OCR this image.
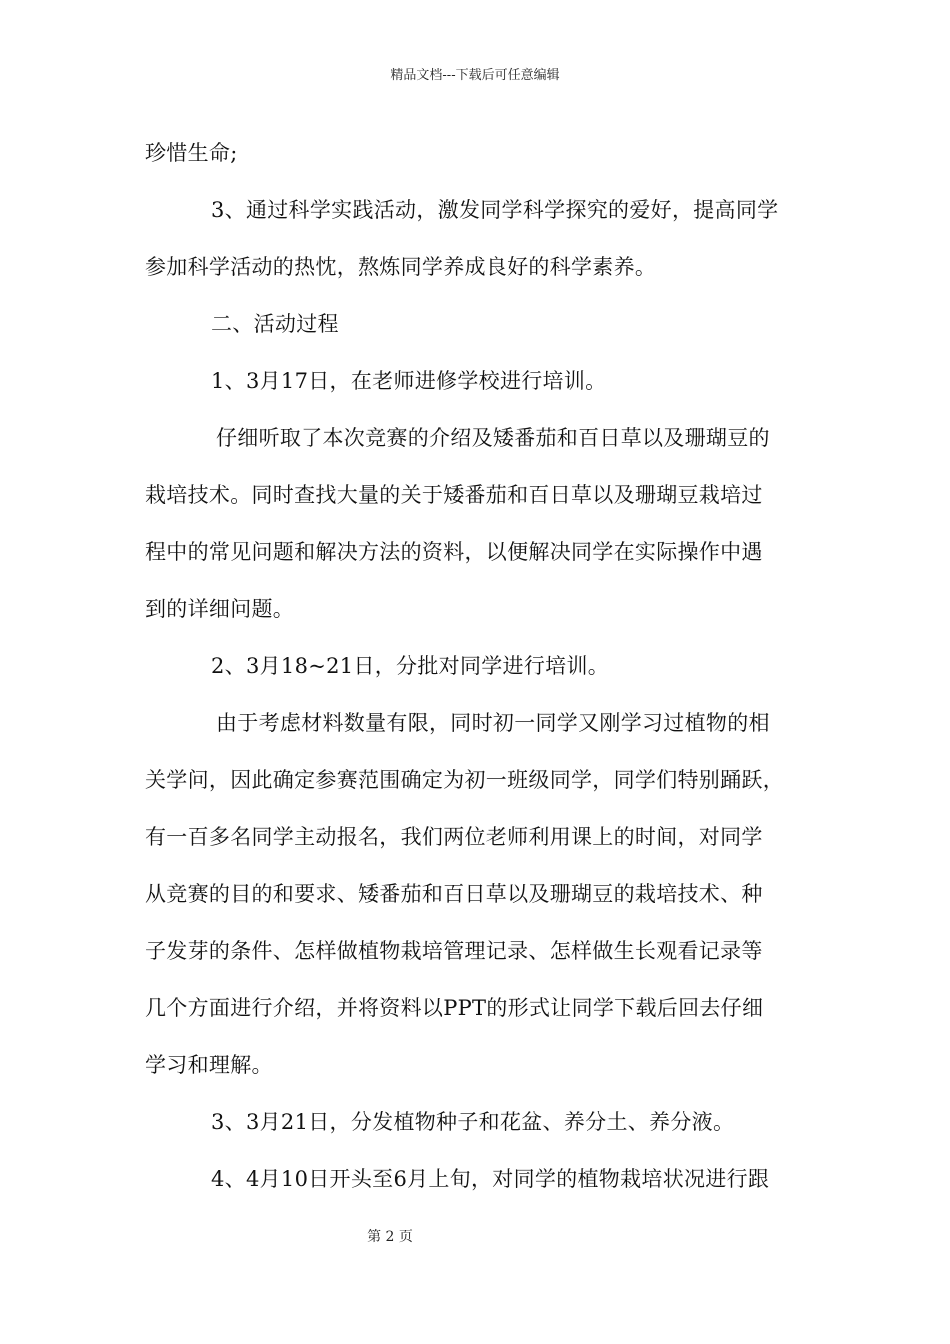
精品文档---下载后可任意编辑
珍惜生命;
3、通过科学实践活动，激发同学科学探究的爱好，提高同学
参加科学活动的热忱，熬炼同学养成良好的科学素养。
二、活动过程
1、3月17日，在老师进修学校进行培训。
仔细听取了本次竞赛的介绍及矮番茄和百日草以及珊瑚豆的
栽培技术。同时查找大量的关于矮番茄和百日草以及珊瑚豆栽培过
程中的常见问题和解决方法的资料，以便解决同学在实际操作中遇
到的详细问题。
2、3月18~21日，分批对同学进行培训。
由于考虑材料数量有限，同时初一同学又刚学习过植物的相
关学问，因此确定参赛范围确定为初一班级同学，同学们特别踊跃，
有一百多名同学主动报名，我们两位老师利用课上的时间，对同学
从竞赛的目的和要求、矮番茄和百日草以及珊瑚豆的栽培技术、种
子发芽的条件、怎样做植物栽培管理记录、怎样做生长观看记录等
几个方面进行介绍，并将资料以PPT的形式让同学下载后回去仔细
学习和理解。
3、3月21日，分发植物种子和花盆、养分土、养分液。
4、4月10日开头至6月上旬，对同学的植物栽培状况进行跟
第 2 页
